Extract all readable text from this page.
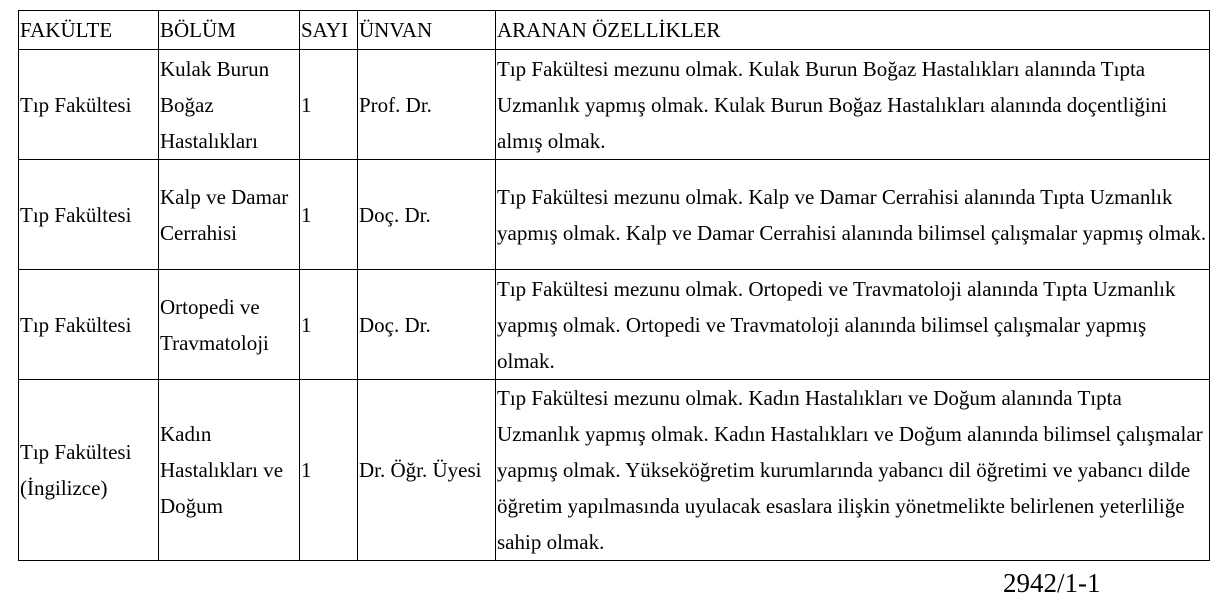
FAKÜLTE	BÖLÜM	SAYI	ÜNVAN	ARANAN ÖZELLİKLER
Tıp Fakültesi	Kulak Burun Boğaz Hastalıkları	1	Prof. Dr.	Tıp Fakültesi mezunu olmak. Kulak Burun Boğaz Hastalıkları alanında Tıpta Uzmanlık yapmış olmak. Kulak Burun Boğaz Hastalıkları alanında doçentliğini almış olmak.
Tıp Fakültesi	Kalp ve Damar Cerrahisi	1	Doç. Dr.	Tıp Fakültesi mezunu olmak. Kalp ve Damar Cerrahisi alanında Tıpta Uzmanlık yapmış olmak. Kalp ve Damar Cerrahisi alanında bilimsel çalışmalar yapmış olmak.
Tıp Fakültesi	Ortopedi ve Travmatoloji	1	Doç. Dr.	Tıp Fakültesi mezunu olmak. Ortopedi ve Travmatoloji alanında Tıpta Uzmanlık yapmış olmak. Ortopedi ve Travmatoloji alanında bilimsel çalışmalar yapmış olmak.
Tıp Fakültesi (İngilizce)	Kadın Hastalıkları ve Doğum	1	Dr. Öğr. Üyesi	Tıp Fakültesi mezunu olmak. Kadın Hastalıkları ve Doğum alanında Tıpta Uzmanlık yapmış olmak. Kadın Hastalıkları ve Doğum alanında bilimsel çalışmalar yapmış olmak. Yükseköğretim kurumlarında yabancı dil öğretimi ve yabancı dilde öğretim yapılmasında uyulacak esaslara ilişkin yönetmelikte belirlenen yeterliliğe sahip olmak.
2942/1-1
